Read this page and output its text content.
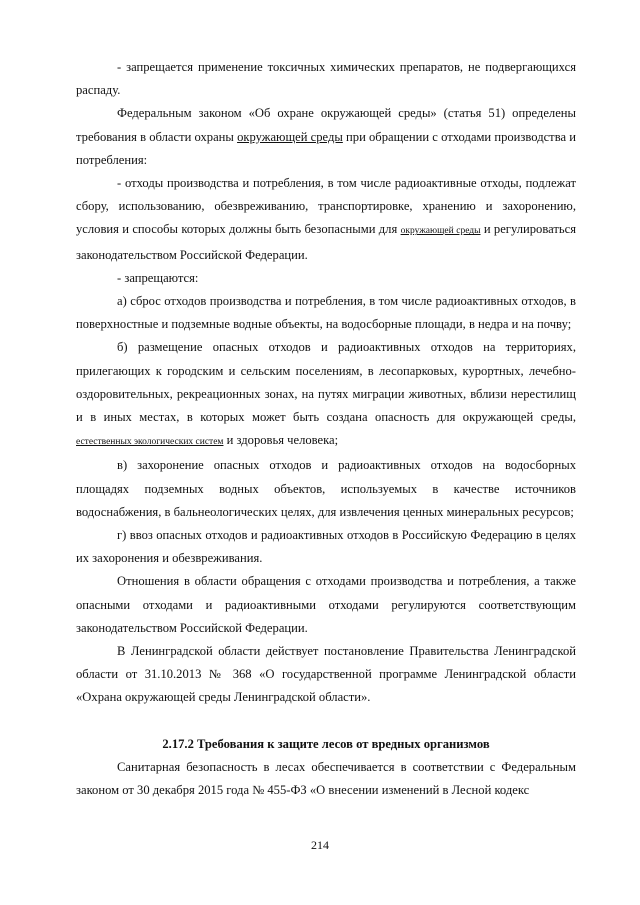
- запрещается применение токсичных химических препаратов, не подвергающихся распаду.

Федеральным законом «Об охране окружающей среды» (статья 51) определены требования в области охраны окружающей среды при обращении с отходами производства и потребления:

- отходы производства и потребления, в том числе радиоактивные отходы, подлежат сбору, использованию, обезвреживанию, транспортировке, хранению и захоронению, условия и способы которых должны быть безопасными для окружающей среды и регулироваться законодательством Российской Федерации.

- запрещаются:

а) сброс отходов производства и потребления, в том числе радиоактивных отходов, в поверхностные и подземные водные объекты, на водосборные площади, в недра и на почву;

б) размещение опасных отходов и радиоактивных отходов на территориях, прилегающих к городским и сельским поселениям, в лесопарковых, курортных, лечебно-оздоровительных, рекреационных зонах, на путях миграции животных, вблизи нерестилищ и в иных местах, в которых может быть создана опасность для окружающей среды, естественных экологических систем и здоровья человека;

в) захоронение опасных отходов и радиоактивных отходов на водосборных площадях подземных водных объектов, используемых в качестве источников водоснабжения, в бальнеологических целях, для извлечения ценных минеральных ресурсов;

г) ввоз опасных отходов и радиоактивных отходов в Российскую Федерацию в целях их захоронения и обезвреживания.

Отношения в области обращения с отходами производства и потребления, а также опасными отходами и радиоактивными отходами регулируются соответствующим законодательством Российской Федерации.

В Ленинградской области действует постановление Правительства Ленинградской области от 31.10.2013 № 368 «О государственной программе Ленинградской области «Охрана окружающей среды Ленинградской области».

2.17.2 Требования к защите лесов от вредных организмов

Санитарная безопасность в лесах обеспечивается в соответствии с Федеральным законом от 30 декабря 2015 года № 455-ФЗ «О внесении изменений в Лесной кодекс

214
